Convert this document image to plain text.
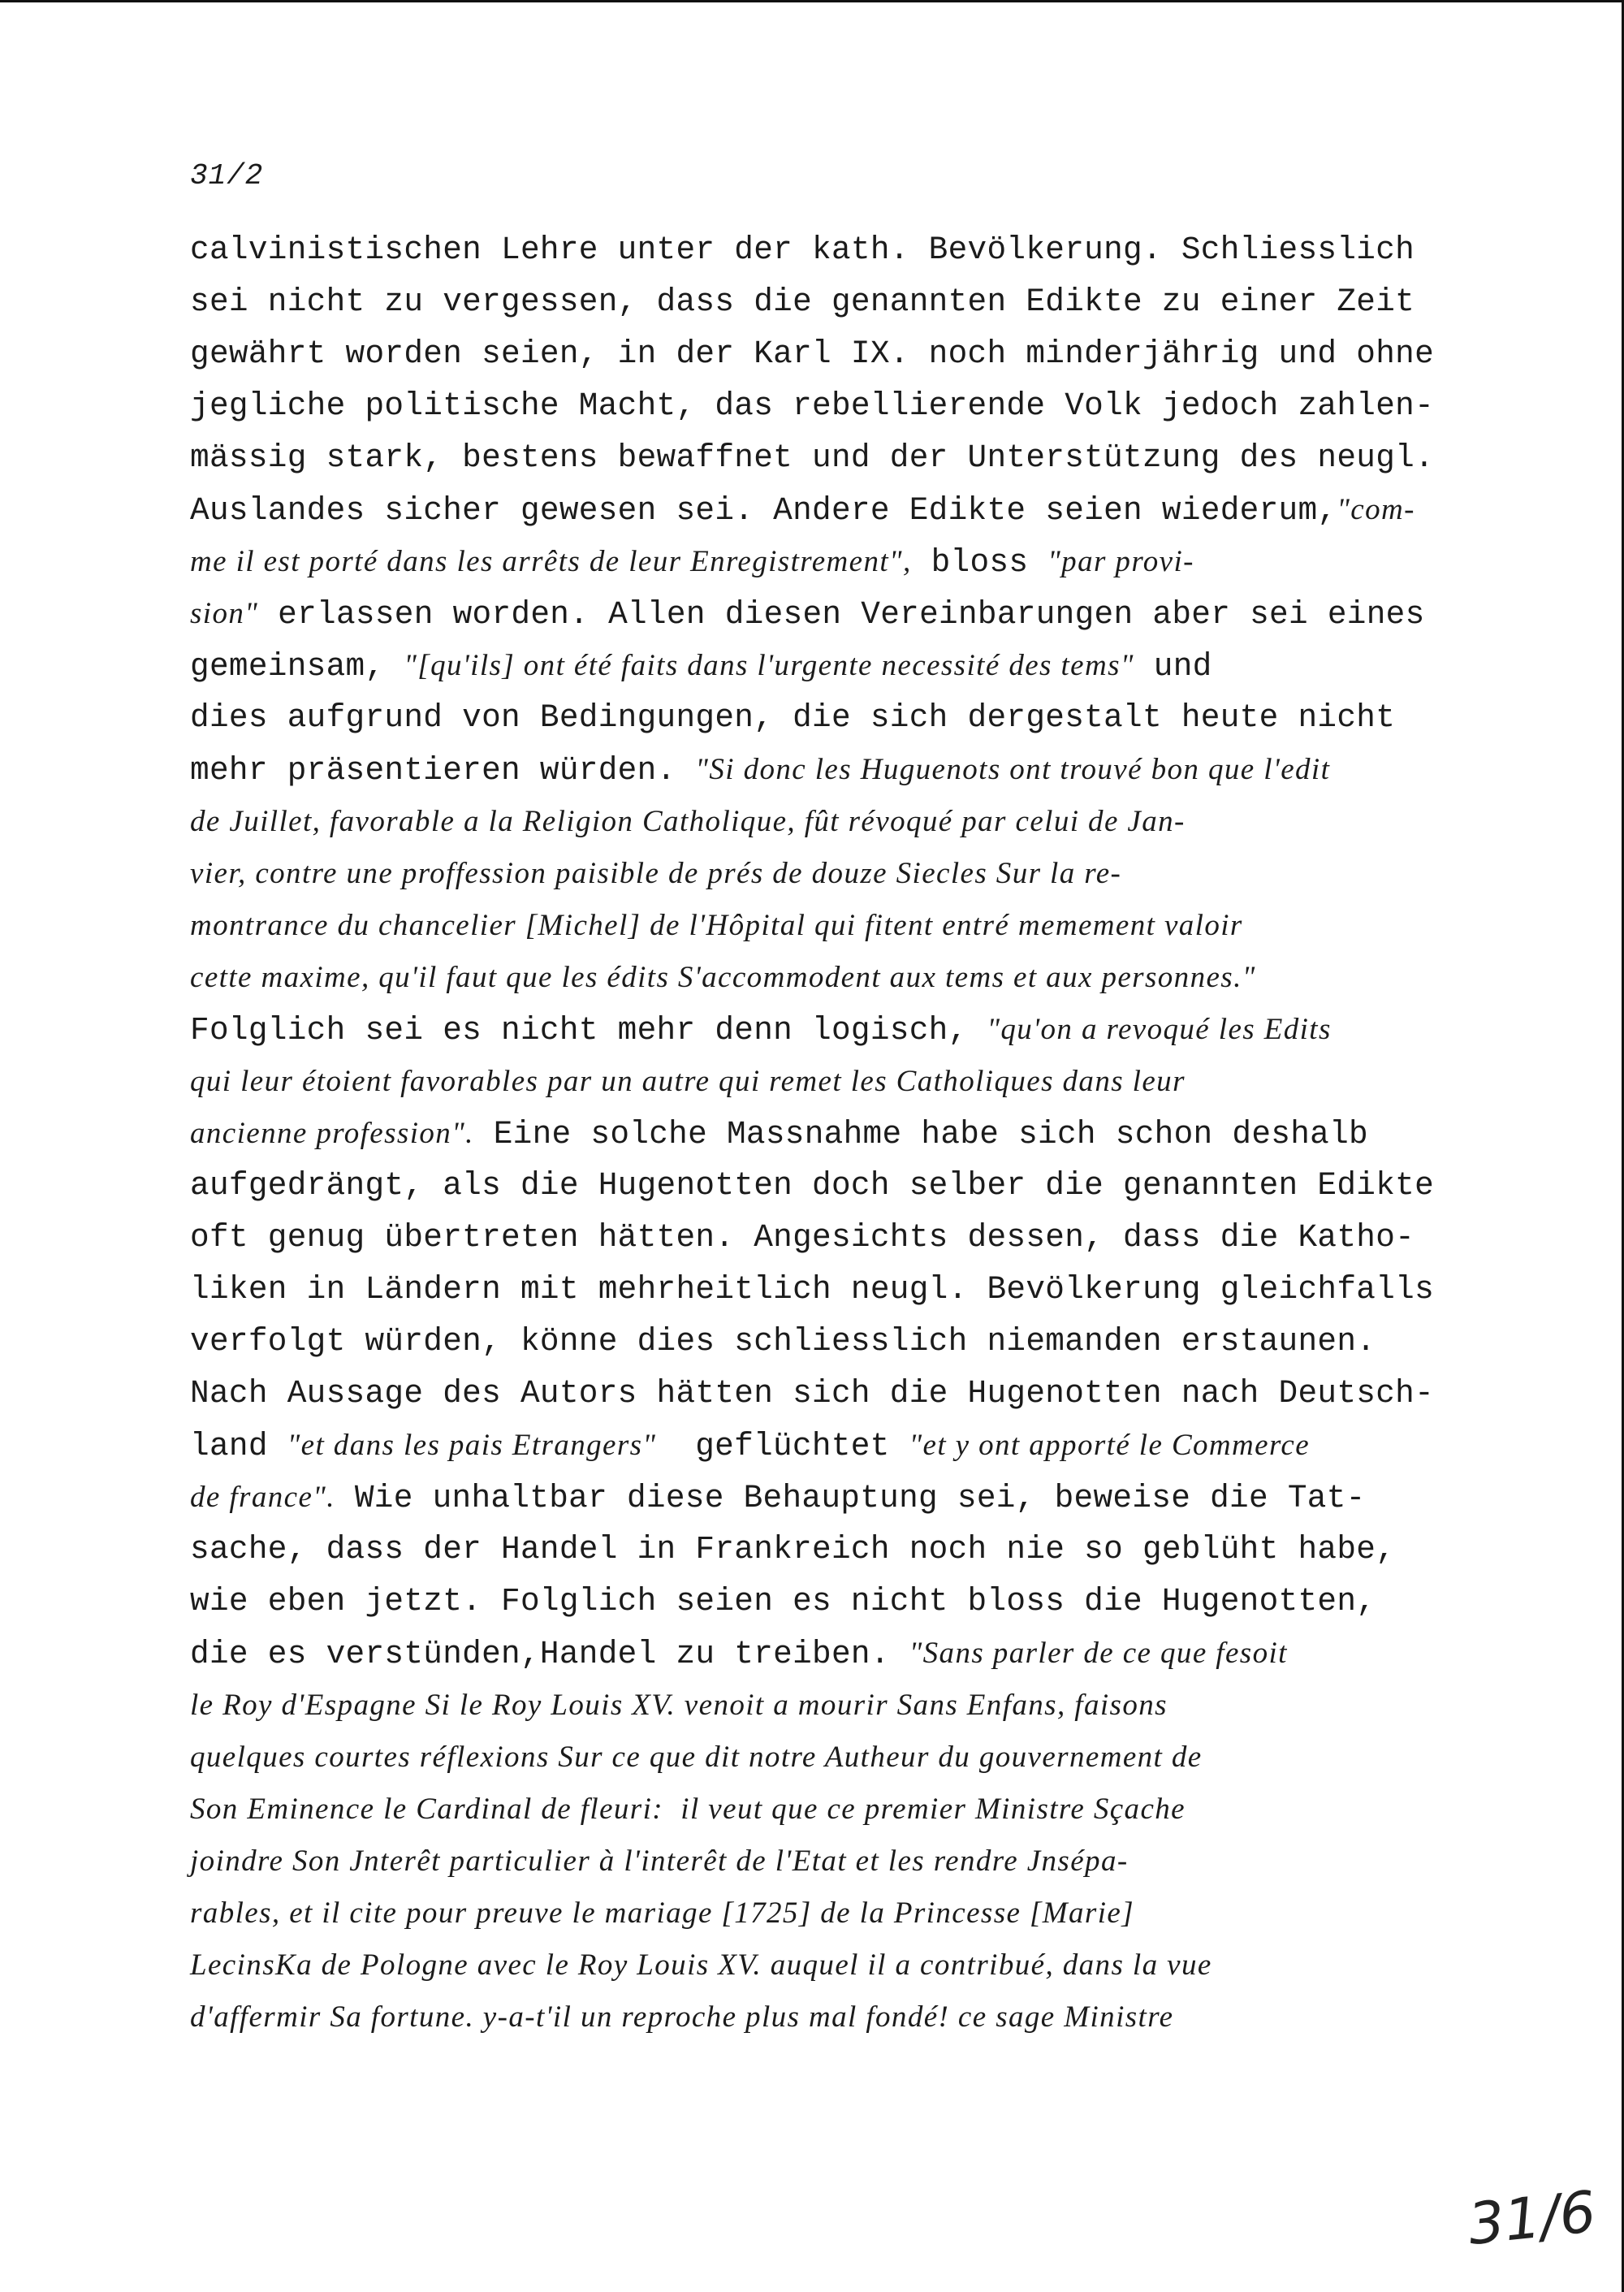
31/2
calvinistischen Lehre unter der kath. Bevölkerung. Schliesslich
sei nicht zu vergessen, dass die genannten Edikte zu einer Zeit
gewährt worden seien, in der Karl IX. noch minderjährig und ohne
jegliche politische Macht, das rebellierende Volk jedoch zahlen-
mässig stark, bestens bewaffnet und der Unterstützung des neugl.
Auslandes sicher gewesen sei. Andere Edikte seien wiederum,"com-
me il est porté dans les arrêts de leur Enregistrement", bloss "par provi-
sion" erlassen worden. Allen diesen Vereinbarungen aber sei eines
gemeinsam, "[qu'ils] ont été faits dans l'urgente necessité des tems" und
dies aufgrund von Bedingungen, die sich dergestalt heute nicht
mehr präsentieren würden. "Si donc les Huguenots ont trouvé bon que l'edit
de Juillet, favorable a la Religion Catholique, fût révoqué par celui de Jan-
vier, contre une proffession paisible de prés de douze Siecles Sur la re-
montrance du chancelier [Michel] de l'Hôpital qui fitent entré memement valoir
cette maxime, qu'il faut que les édits S'accommodent aux tems et aux personnes."
Folglich sei es nicht mehr denn logisch, "qu'on a revoqué les Edits
qui leur étoient favorables par un autre qui remet les Catholiques dans leur
ancienne profession". Eine solche Massnahme habe sich schon deshalb
aufgedrängt, als die Hugenotten doch selber die genannten Edikte
oft genug übertreten hätten. Angesichts dessen, dass die Katho-
liken in Ländern mit mehrheitlich neugl. Bevölkerung gleichfalls
verfolgt würden, könne dies schliesslich niemanden erstaunen.
Nach Aussage des Autors hätten sich die Hugenotten nach Deutsch-
land "et dans les pais Etrangers"  geflüchtet "et y ont apporté le Commerce
de france". Wie unhaltbar diese Behauptung sei, beweise die Tat-
sache, dass der Handel in Frankreich noch nie so geblüht habe,
wie eben jetzt. Folglich seien es nicht bloss die Hugenotten,
die es verstünden,Handel zu treiben. "Sans parler de ce que fesoit
le Roy d'Espagne Si le Roy Louis XV. venoit a mourir Sans Enfans, faisons
quelques courtes réflexions Sur ce que dit notre Autheur du gouvernement de
Son Eminence le Cardinal de fleuri:  il veut que ce premier Ministre Sçache
joindre Son Jnterêt particulier à l'interêt de l'Etat et les rendre Jnsépa-
rables, et il cite pour preuve le mariage [1725] de la Princesse [Marie]
LecinsKa de Pologne avec le Roy Louis XV. auquel il a contribué, dans la vue
d'affermir Sa fortune. y-a-t'il un reproche plus mal fondé! ce sage Ministre
31/6
